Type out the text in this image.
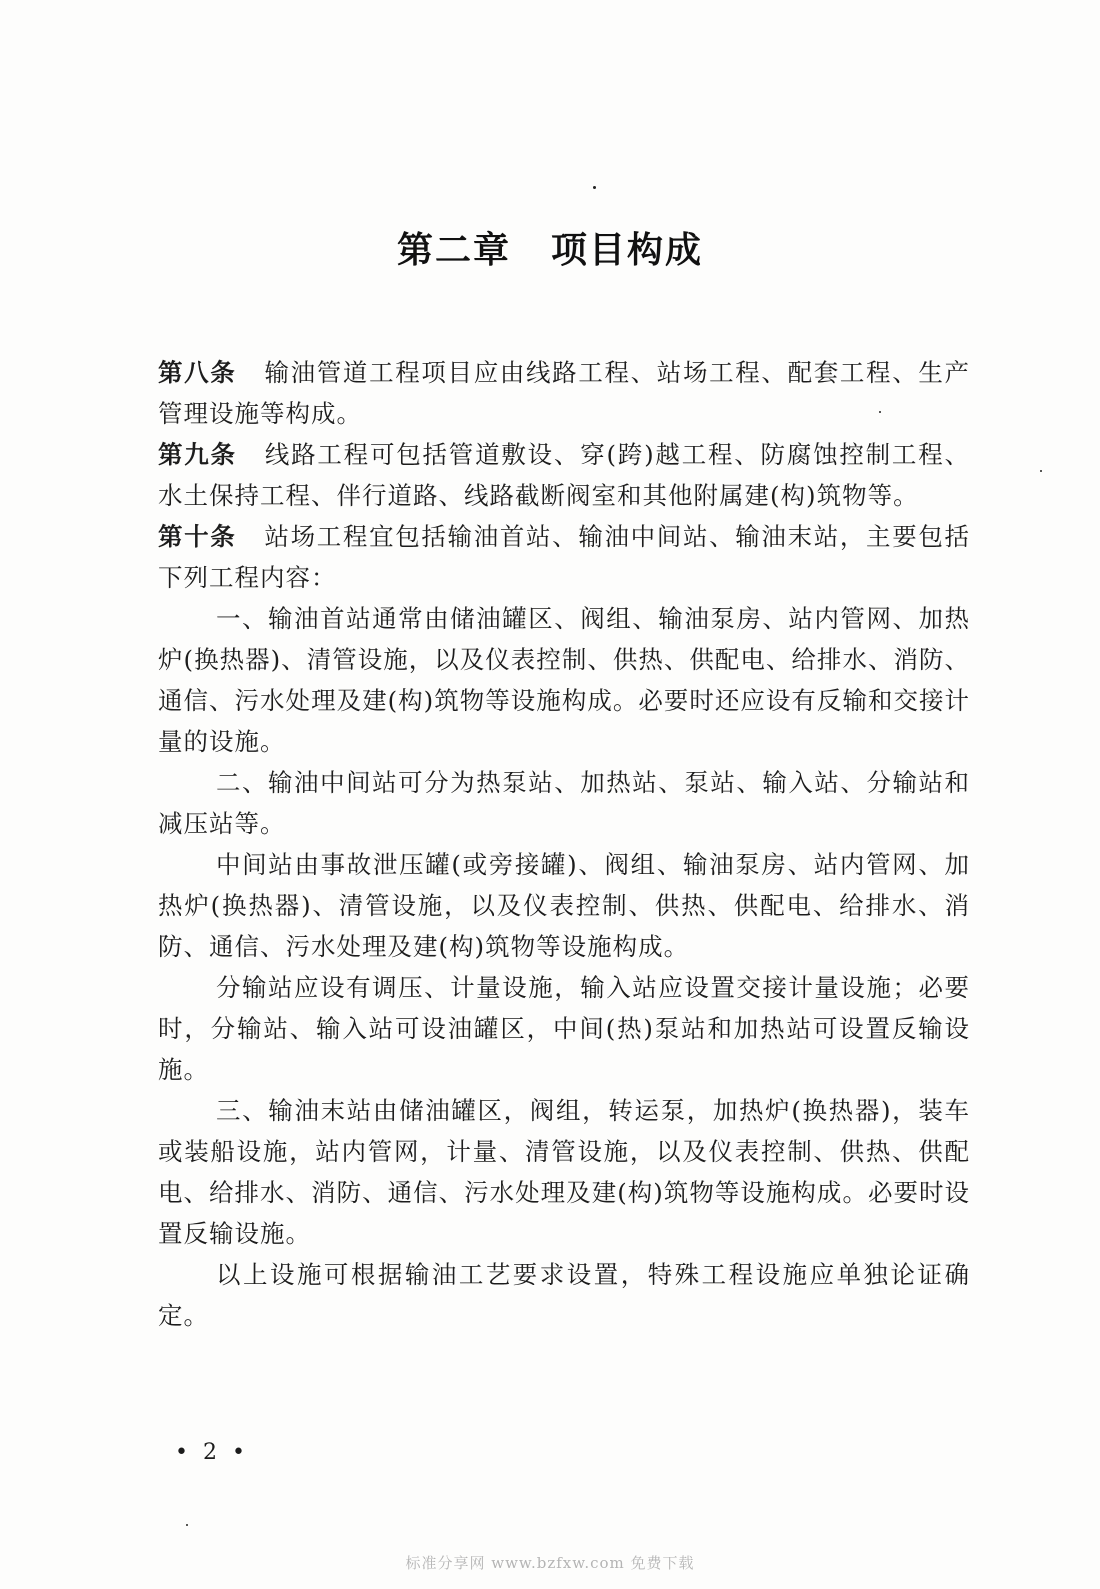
第二章 项目构成

第八条 输油管道工程项目应由线路工程、站场工程、配套工程、生产管理设施等构成。

第九条 线路工程可包括管道敷设、穿(跨)越工程、防腐蚀控制工程、水土保持工程、伴行道路、线路截断阀室和其他附属建(构)筑物等。

第十条 站场工程宜包括输油首站、输油中间站、输油末站，主要包括下列工程内容：

一、输油首站通常由储油罐区、阀组、输油泵房、站内管网、加热炉(换热器)、清管设施，以及仪表控制、供热、供配电、给排水、消防、通信、污水处理及建(构)筑物等设施构成。必要时还应设有反输和交接计量的设施。

二、输油中间站可分为热泵站、加热站、泵站、输入站、分输站和减压站等。

中间站由事故泄压罐(或旁接罐)、阀组、输油泵房、站内管网、加热炉(换热器)、清管设施，以及仪表控制、供热、供配电、给排水、消防、通信、污水处理及建(构)筑物等设施构成。

分输站应设有调压、计量设施，输入站应设置交接计量设施；必要时，分输站、输入站可设油罐区，中间(热)泵站和加热站可设置反输设施。

三、输油末站由储油罐区，阀组，转运泵，加热炉(换热器)，装车或装船设施，站内管网，计量、清管设施，以及仪表控制、供热、供配电、给排水、消防、通信、污水处理及建(构)筑物等设施构成。必要时设置反输设施。

以上设施可根据输油工艺要求设置，特殊工程设施应单独论证确定。

• 2 •
标准分享网 www.bzfxw.com 免费下载
